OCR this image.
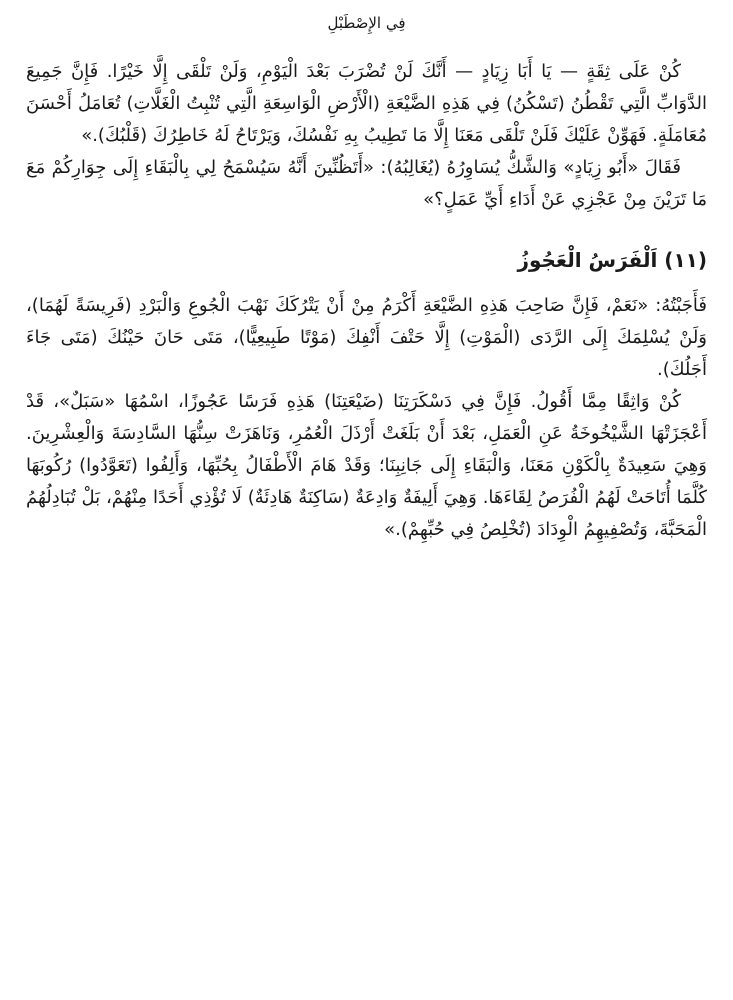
فِي الإِصْطَبْلِ

كُنْ عَلَى ثِقَةٍ — يَا أَبَا زِيَادٍ — أَنَّكَ لَنْ تُضْرَبَ بَعْدَ الْيَوْمِ، وَلَنْ تَلْقَى إِلَّا خَيْرًا. فَإِنَّ جَمِيعَ الدَّوَابِّ الَّتِي تَقْطُنُ (تَسْكُنُ) فِي هَذِهِ الضَّيْعَةِ (الْأَرْضِ الْوَاسِعَةِ الَّتِي تُنْبِتُ الْغَلَّاتِ) تُعَامَلُ أَحْسَنَ مُعَامَلَةٍ. فَهَوِّنْ عَلَيْكَ فَلَنْ تَلْقَى مَعَنَا إِلَّا مَا تَطِيبُ بِهِ نَفْسُكَ، وَيَرْتَاحُ لَهُ خَاطِرُكَ (قَلْبُكَ).»

فَقَالَ «أَبُو زِيَادٍ» وَالشَّكُّ يُسَاوِرُهُ (يُغَالِبُهُ): «أَتَظُنِّينَ أَنَّهُ سَيُسْمَحُ لِي بِالْبَقَاءِ إِلَى جِوَارِكُمْ مَعَ مَا تَرَيْنَ مِنْ عَجْزِي عَنْ أَدَاءِ أَيِّ عَمَلٍ؟»

(١١) اَلْفَرَسُ الْعَجُوزُ

فَأَجَبْتُهُ: «نَعَمْ، فَإِنَّ صَاحِبَ هَذِهِ الضَّيْعَةِ أَكْرَمُ مِنْ أَنْ يَتْرُكَكَ نَهْبَ الْجُوعِ وَالْبَرْدِ (فَرِيسَةً لَهُمَا)، وَلَنْ يُسْلِمَكَ إِلَى الرَّدَى (الْمَوْتِ) إِلَّا حَتْفَ أَنْفِكَ (مَوْتًا طَبِيعِيًّا)، مَتَى حَانَ حَيْنُكَ (مَتَى جَاءَ أَجَلُكَ).

كُنْ وَاثِقًا مِمَّا أَقُولُ. فَإِنَّ فِي دَسْكَرَتِنَا (ضَيْعَتِنَا) هَذِهِ فَرَسًا عَجُوزًا، اسْمُهَا «سَبَلٌ»، قَدْ أَعْجَزَتْهَا الشَّيْخُوخَةُ عَنِ الْعَمَلِ، بَعْدَ أَنْ بَلَغَتْ أَرْذَلَ الْعُمُرِ، وَنَاهَزَتْ سِنُّهَا السَّادِسَةَ وَالْعِشْرِينَ. وَهِيَ سَعِيدَةٌ بِالْكَوْنِ مَعَنَا، وَالْبَقَاءِ إِلَى جَانِبِنَا؛ وَقَدْ هَامَ الْأَطْفَالُ بِحُبِّهَا، وَأَلِفُوا (تَعَوَّدُوا) رُكُوبَهَا كُلَّمَا أُتَاحَتْ لَهُمُ الْفُرَصُ لِقَاءَهَا. وَهِيَ أَلِيفَةٌ وَادِعَةٌ (سَاكِنَةٌ هَادِئَةٌ) لَا تُؤْذِي أَحَدًا مِنْهُمْ، بَلْ تُبَادِلُهُمُ الْمَحَبَّةَ، وَتُصْفِيهِمُ الْوِدَادَ (تُخْلِصُ فِي حُبِّهِمْ).»
